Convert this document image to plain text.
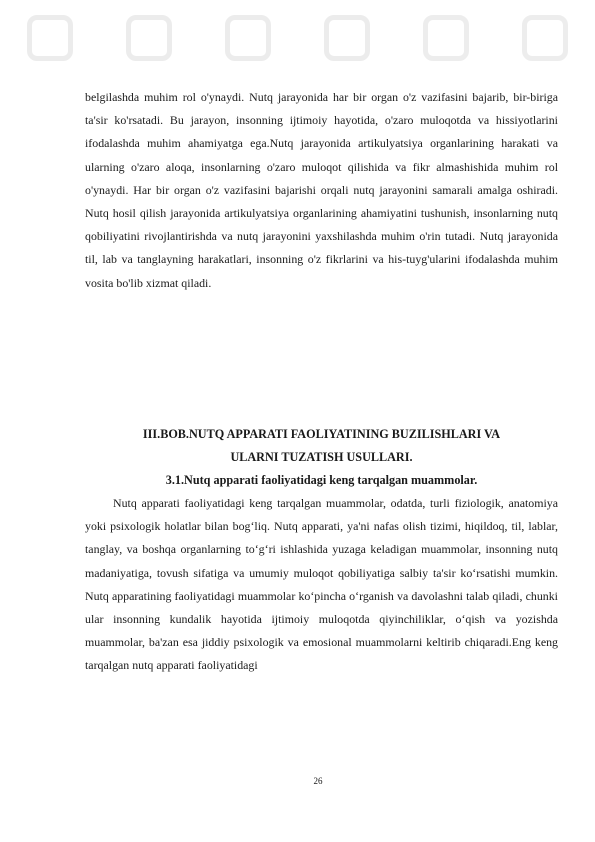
belgilashda muhim rol o'ynaydi. Nutq jarayonida har bir organ o'z vazifasini bajarib, bir-biriga ta'sir ko'rsatadi. Bu jarayon, insonning ijtimoiy hayotida, o'zaro muloqotda va hissiyotlarini ifodalashda muhim ahamiyatga ega.Nutq jarayonida artikulyatsiya organlarining harakati va ularning o'zaro aloqa, insonlarning o'zaro muloqot qilishida va fikr almashishida muhim rol o'ynaydi. Har bir organ o'z vazifasini bajarishi orqali nutq jarayonini samarali amalga oshiradi. Nutq hosil qilish jarayonida artikulyatsiya organlarining ahamiyatini tushunish, insonlarning nutq qobiliyatini rivojlantirishda va nutq jarayonini yaxshilashda muhim o'rin tutadi. Nutq jarayonida til, lab va tanglayning harakatlari, insonning o'z fikrlarini va his-tuyg'ularini ifodalashda muhim vosita bo'lib xizmat qiladi.

III.BOB.NUTQ APPARATI FAOLIYATINING BUZILISHLARI VA

ULARNI TUZATISH USULLARI.

3.1.Nutq apparati faoliyatidagi keng tarqalgan muammolar.

Nutq apparati faoliyatidagi keng tarqalgan muammolar, odatda, turli fiziologik, anatomiya yoki psixologik holatlar bilan bog‘liq. Nutq apparati, ya'ni nafas olish tizimi, hiqildoq, til, lablar, tanglay, va boshqa organlarning to‘g‘ri ishlashida yuzaga keladigan muammolar, insonning nutq madaniyatiga, tovush sifatiga va umumiy muloqot qobiliyatiga salbiy ta'sir ko‘rsatishi mumkin. Nutq apparatining faoliyatidagi muammolar ko‘pincha o‘rganish va davolashni talab qiladi, chunki ular insonning kundalik hayotida ijtimoiy muloqotda qiyinchiliklar, o‘qish va yozishda muammolar, ba'zan esa jiddiy psixologik va emosional muammolarni keltirib chiqaradi.Eng keng tarqalgan nutq apparati faoliyatidagi

26
